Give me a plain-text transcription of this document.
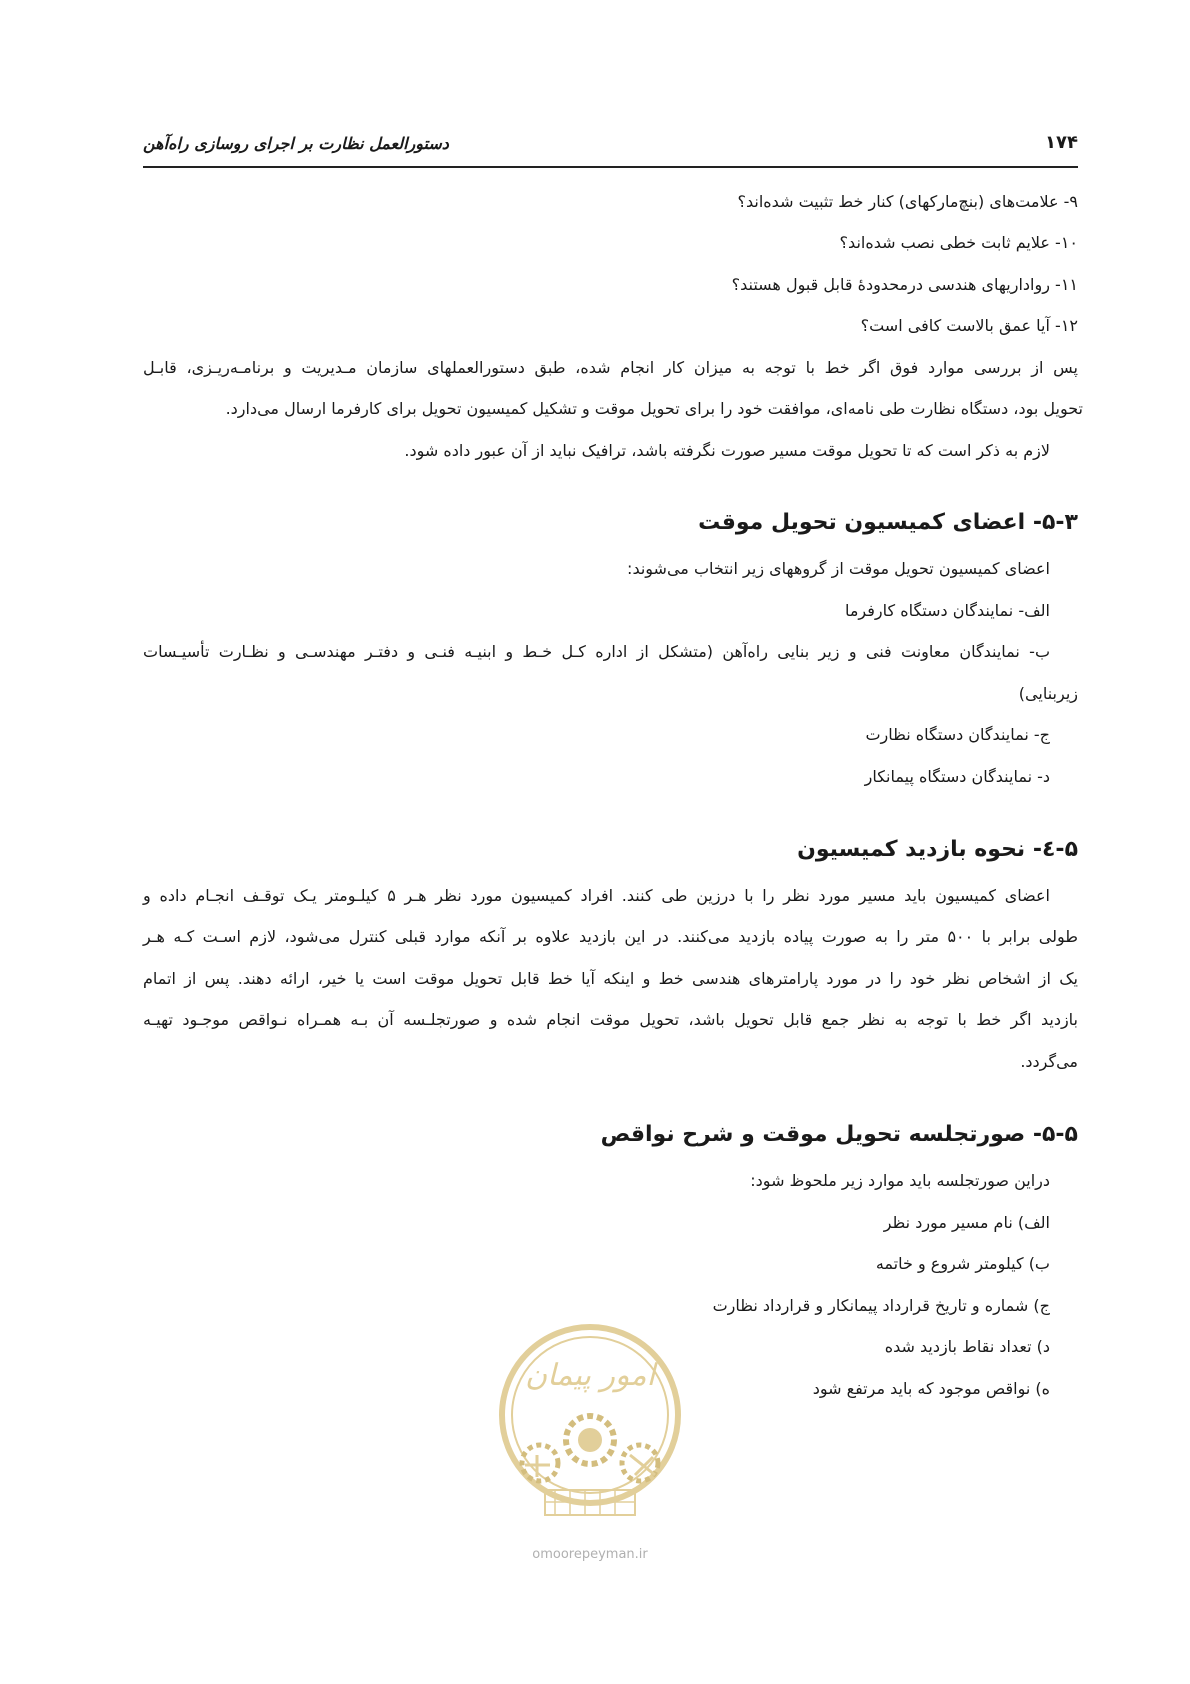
۱۷۴
دستورالعمل نظارت بر اجرای روسازی راه‌آهن
۹- علامت‌های (بنچ‌مارکهای) کنار خط تثبیت شده‌اند؟
۱۰- علایم ثابت خطی نصب شده‌اند؟
۱۱- رواداریهای هندسی درمحدودهٔ قابل قبول هستند؟
۱۲- آیا عمق بالاست کافی است؟
پس از بررسی موارد فوق اگر خط با توجه به میزان کار انجام شده، طبق دستورالعملهای سازمان مـدیریت و برنامـه‌ریـزی، قابـل
تحویل بود، دستگاه نظارت طی نامه‌ای، موافقت خود را برای تحویل موقت و تشکیل کمیسیون تحویل برای کارفرما ارسال می‌دارد.
لازم به ذکر است که تا تحویل موقت مسیر صورت نگرفته باشد، ترافیک نباید از آن عبور داده شود.
۵-۳- اعضای کمیسیون تحویل موقت
اعضای کمیسیون تحویل موقت از گروههای زیر انتخاب می‌شوند:
الف- نمایندگان دستگاه کارفرما
ب- نمایندگان معاونت فنی و زیر بنایی راه‌آهن (متشکل از اداره کـل خـط و ابنیـه فنـی و دفتـر مهندسـی و نظـارت تأسیـسات
زیربنایی)
ج- نمایندگان دستگاه نظارت
د- نمایندگان دستگاه پیمانکار
۵-٤- نحوه بازدید کمیسیون
اعضای کمیسیون باید مسیر مورد نظر را با درزین طی کنند. افراد کمیسیون مورد نظر هـر ۵ کیلـومتر یـک توقـف انجـام داده و
طولی برابر با ۵۰۰ متر را به صورت پیاده بازدید می‌کنند. در این بازدید علاوه بر آنکه موارد قبلی کنترل می‌شود، لازم اسـت کـه هـر
یک از اشخاص نظر خود را در مورد پارامترهای هندسی خط و اینکه آیا خط قابل تحویل موقت است یا خیر، ارائه دهند. پس از اتمام
بازدید اگر خط با توجه به نظر جمع قابل تحویل باشد، تحویل موقت انجام شده و صورتجلـسه آن بـه همـراه نـواقص موجـود تهیـه
می‌گردد.
۵-۵- صورتجلسه تحویل موقت و شرح نواقص
دراین صورتجلسه باید موارد زیر ملحوظ شود:
الف) نام مسیر مورد نظر
ب) کیلومتر شروع و خاتمه
ج) شماره و تاریخ قرارداد پیمانکار و قرارداد نظارت
د) تعداد نقاط بازدید شده
ه) نواقص موجود که باید مرتفع شود
امور پیمان
omoorepeyman.ir
